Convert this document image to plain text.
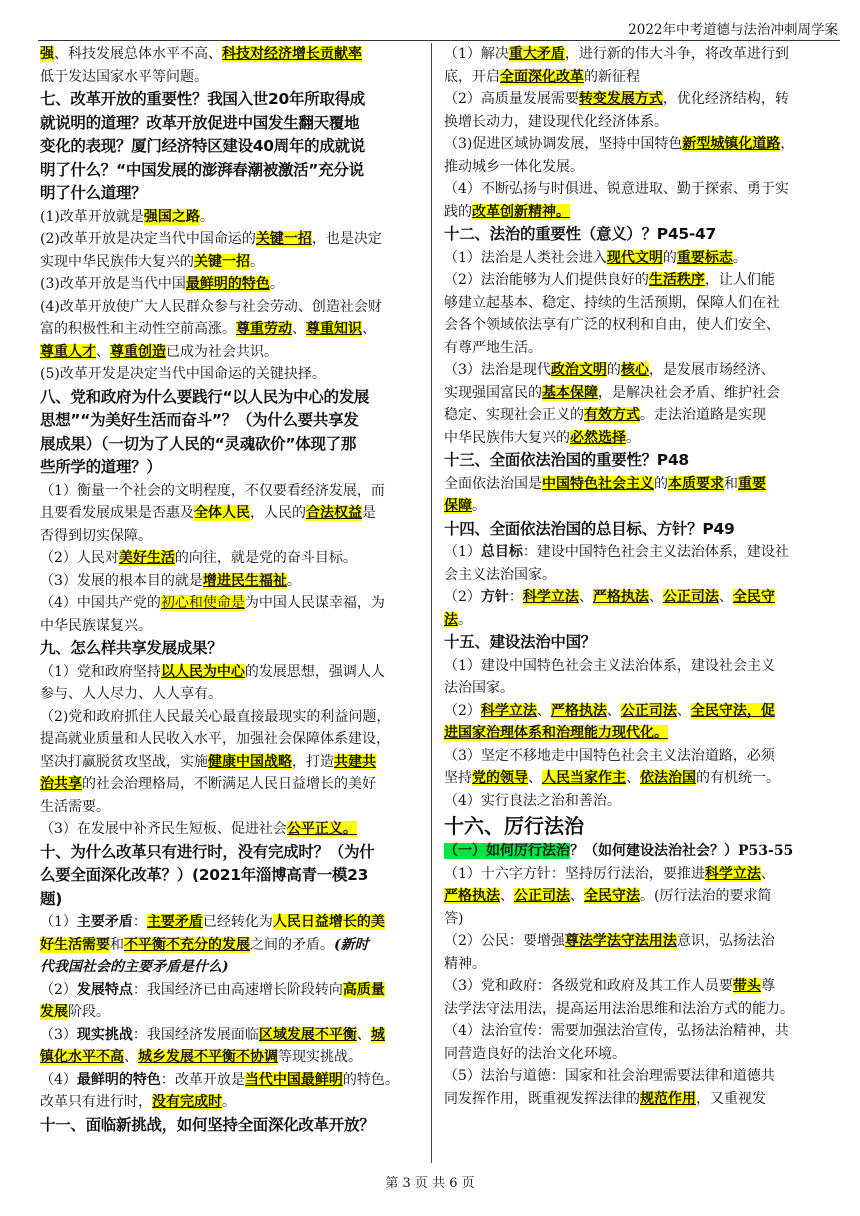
2022年中考道德与法治冲刺周学案
强、科技发展总体水平不高、科技对经济增长贡献率
低于发达国家水平等问题。
七、改革开放的重要性？我国入世20年所取得成
就说明的道理？改革开放促进中国发生翻天覆地
变化的表现？厦门经济特区建设40周年的成就说
明了什么？“中国发展的澎湃春潮被激活”充分说
明了什么道理？
(1)改革开放就是强国之路。
(2)改革开放是决定当代中国命运的关键一招，也是决定
实现中华民族伟大复兴的关键一招。
(3)改革开放是当代中国最鲜明的特色。
(4)改革开放使广大人民群众参与社会劳动、创造社会财
富的积极性和主动性空前高涨。尊重劳动、尊重知识、
尊重人才、尊重创造已成为社会共识。
(5)改革开发是决定当代中国命运的关键抉择。
八、党和政府为什么要践行“以人民为中心的发展
思想”“为美好生活而奋斗”？（为什么要共享发
展成果）（一切为了人民的“灵魂砍价”体现了那
些所学的道理？）
（1）衡量一个社会的文明程度，不仅要看经济发展，而
且要看发展成果是否惠及全体人民，人民的合法权益是
否得到切实保障。
（2）人民对美好生活的向往，就是党的奋斗目标。
（3）发展的根本目的就是增进民生福祉。
（4）中国共产党的初心和使命是为中国人民谋幸福，为
中华民族谋复兴。
九、怎么样共享发展成果？
（1）党和政府坚持以人民为中心的发展思想，强调人人
参与、人人尽力、人人享有。
（2)党和政府抓住人民最关心最直接最现实的利益问题，
提高就业质量和人民收入水平，加强社会保障体系建设，
坚决打赢脱贫攻坚战，实施健康中国战略，打造共建共
治共享的社会治理格局，不断满足人民日益增长的美好
生活需要。
（3）在发展中补齐民生短板、促进社会公平正义。
十、为什么改革只有进行时，没有完成时？（为什
么要全面深化改革？）(2021年淄博高青一模23
题)
（1）主要矛盾：主要矛盾已经转化为人民日益增长的美
好生活需要和不平衡不充分的发展之间的矛盾。(新时
代我国社会的主要矛盾是什么)
（2）发展特点：我国经济已由高速增长阶段转向高质量
发展阶段。
（3）现实挑战：我国经济发展面临区域发展不平衡、城
镇化水平不高、城乡发展不平衡不协调等现实挑战。
（4）最鲜明的特色：改革开放是当代中国最鲜明的特色。
改革只有进行时，没有完成时。
十一、面临新挑战，如何坚持全面深化改革开放？
（1）解决重大矛盾，进行新的伟大斗争，将改革进行到
底，开启全面深化改革的新征程
（2）高质量发展需要转变发展方式，优化经济结构，转
换增长动力，建设现代化经济体系。
（3)促进区域协调发展，坚持中国特色新型城镇化道路，
推动城乡一体化发展。
（4）不断弘扬与时俱进、锐意进取、勤于探索、勇于实
践的改革创新精神。
十二、法治的重要性（意义）？P45-47
（1）法治是人类社会进入现代文明的重要标志。
（2）法治能够为人们提供良好的生活秩序，让人们能
够建立起基本、稳定、持续的生活预期，保障人们在社
会各个领域依法享有广泛的权利和自由，使人们安全、
有尊严地生活。
（3）法治是现代政治文明的核心，是发展市场经济、
实现强国富民的基本保障，是解决社会矛盾、维护社会
稳定、实现社会正义的有效方式。走法治道路是实现
中华民族伟大复兴的必然选择。
十三、全面依法治国的重要性？P48
全面依法治国是中国特色社会主义的本质要求和重要
保障。
十四、全面依法治国的总目标、方针？P49
（1）总目标：建设中国特色社会主义法治体系，建设社
会主义法治国家。
（2）方针：科学立法、严格执法、公正司法、全民守
法。
十五、建设法治中国？
（1）建设中国特色社会主义法治体系，建设社会主义
法治国家。
（2）科学立法、严格执法、公正司法、全民守法，促
进国家治理体系和治理能力现代化。
（3）坚定不移地走中国特色社会主义法治道路，必须
坚持党的领导、人民当家作主、依法治国的有机统一。
（4）实行良法之治和善治。
十六、厉行法治
（一）如何厉行法治？（如何建设法治社会？）P53-55
（1）十六字方针：坚持厉行法治，要推进科学立法、
严格执法、公正司法、全民守法。(厉行法治的要求简
答)
（2）公民：要增强尊法学法守法用法意识，弘扬法治
精神。
（3）党和政府：各级党和政府及其工作人员要带头尊
法学法守法用法，提高运用法治思维和法治方式的能力。
（4）法治宣传：需要加强法治宣传，弘扬法治精神，共
同营造良好的法治文化环境。
（5）法治与道德：国家和社会治理需要法律和道德共
同发挥作用，既重视发挥法律的规范作用，又重视发
第 3 页 共 6 页
